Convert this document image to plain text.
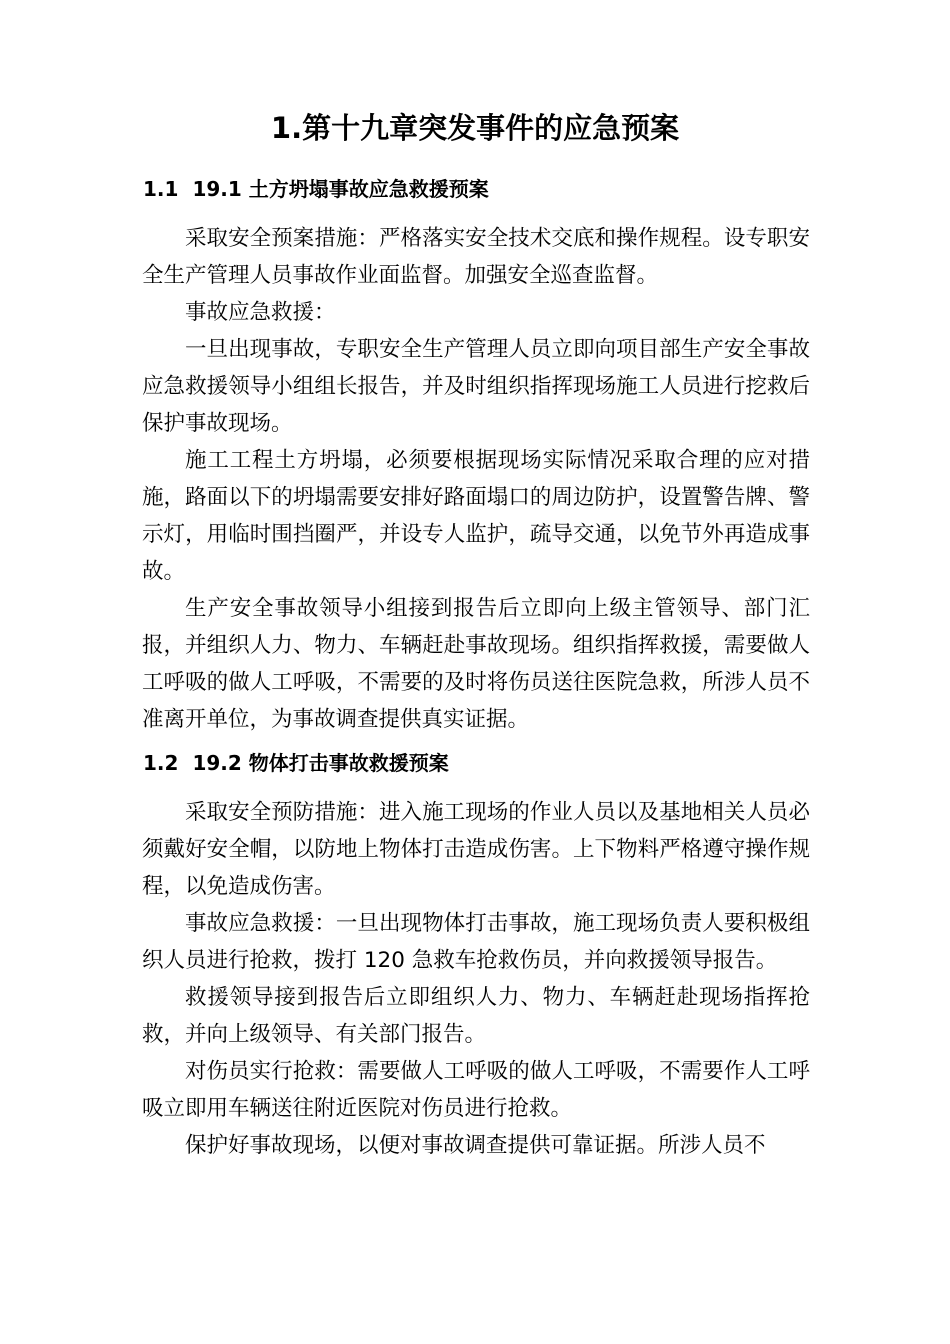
1.第十九章突发事件的应急预案
1.1 19.1 土方坍塌事故应急救援预案

采取安全预案措施：严格落实安全技术交底和操作规程。设专职安全生产管理人员事故作业面监督。加强安全巡查监督。

事故应急救援：

一旦出现事故，专职安全生产管理人员立即向项目部生产安全事故应急救援领导小组组长报告，并及时组织指挥现场施工人员进行挖救后保护事故现场。

施工工程土方坍塌，必须要根据现场实际情况采取合理的应对措施，路面以下的坍塌需要安排好路面塌口的周边防护，设置警告牌、警示灯，用临时围挡圈严，并设专人监护，疏导交通，以免节外再造成事故。

生产安全事故领导小组接到报告后立即向上级主管领导、部门汇报，并组织人力、物力、车辆赶赴事故现场。组织指挥救援，需要做人工呼吸的做人工呼吸，不需要的及时将伤员送往医院急救，所涉人员不准离开单位，为事故调查提供真实证据。

1.2 19.2 物体打击事故救援预案

采取安全预防措施：进入施工现场的作业人员以及基地相关人员必须戴好安全帽，以防地上物体打击造成伤害。上下物料严格遵守操作规程，以免造成伤害。

事故应急救援：一旦出现物体打击事故，施工现场负责人要积极组织人员进行抢救，拨打 120 急救车抢救伤员，并向救援领导报告。

救援领导接到报告后立即组织人力、物力、车辆赶赴现场指挥抢救，并向上级领导、有关部门报告。

对伤员实行抢救：需要做人工呼吸的做人工呼吸，不需要作人工呼吸立即用车辆送往附近医院对伤员进行抢救。

保护好事故现场，以便对事故调查提供可靠证据。所涉人员不
